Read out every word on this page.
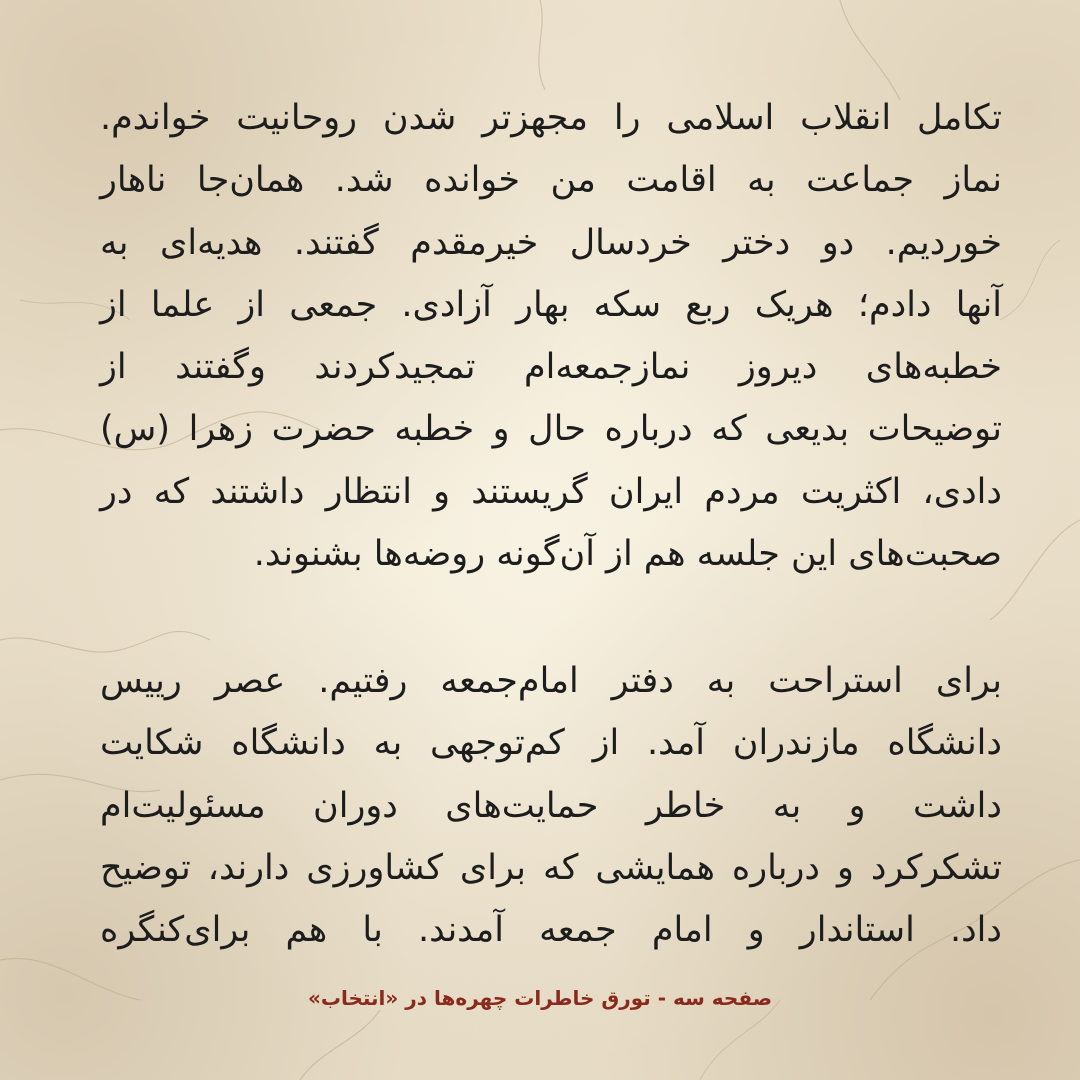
تکامل انقلاب اسلامی را مجهزتر شدن روحانیت خواندم.
نماز جماعت به اقامت من خوانده شد. همان‌جا ناهار
خوردیم. دو دختر خردسال خیرمقدم گفتند. هدیه‌ای به
آنها دادم؛ هریک ربع سکه بهار آزادی. جمعی از علما از
خطبه‌های دیروز نمازجمعه‌ام تمجیدکردند وگفتند از
توضیحات بدیعی که درباره حال و خطبه حضرت زهرا (س)
دادی، اکثریت مردم ایران گریستند و انتظار داشتند که در
صحبت‌های این جلسه هم از آن‌گونه روضه‌ها بشنوند.

برای استراحت به دفتر امام‌جمعه رفتیم. عصر رییس
دانشگاه مازندران آمد. از کم‌توجهی به دانشگاه شکایت
داشت و به خاطر حمایت‌های دوران مسئولیت‌ام
تشکرکرد و درباره همایشی که برای کشاورزی دارند، توضیح
داد. استاندار و امام جمعه آمدند. با هم برای‌کنگره

صفحه سه - تورق خاطرات چهره‌ها در «انتخاب»
